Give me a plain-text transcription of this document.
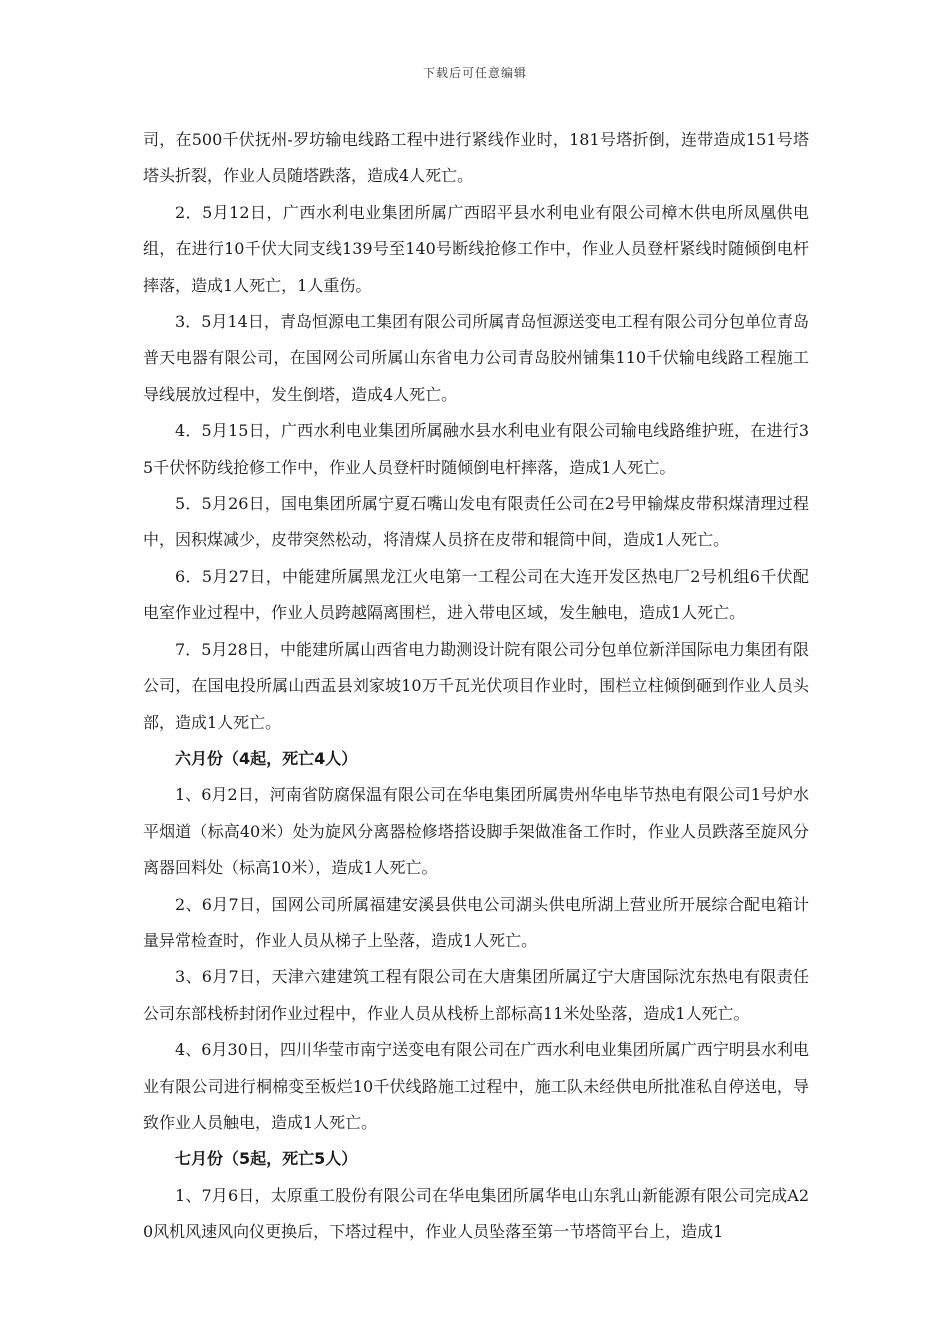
下载后可任意编辑

司，在500千伏抚州-罗坊输电线路工程中进行紧线作业时，181号塔折倒，连带造成151号塔塔头折裂，作业人员随塔跌落，造成4人死亡。

2．5月12日，广西水利电业集团所属广西昭平县水利电业有限公司樟木供电所凤凰供电组，在进行10千伏大同支线139号至140号断线抢修工作中，作业人员登杆紧线时随倾倒电杆摔落，造成1人死亡，1人重伤。

3．5月14日，青岛恒源电工集团有限公司所属青岛恒源送变电工程有限公司分包单位青岛普天电器有限公司，在国网公司所属山东省电力公司青岛胶州铺集110千伏输电线路工程施工导线展放过程中，发生倒塔，造成4人死亡。

4．5月15日，广西水利电业集团所属融水县水利电业有限公司输电线路维护班，在进行35千伏怀防线抢修工作中，作业人员登杆时随倾倒电杆摔落，造成1人死亡。

5．5月26日，国电集团所属宁夏石嘴山发电有限责任公司在2号甲输煤皮带积煤清理过程中，因积煤减少，皮带突然松动，将清煤人员挤在皮带和辊筒中间，造成1人死亡。

6．5月27日，中能建所属黑龙江火电第一工程公司在大连开发区热电厂2号机组6千伏配电室作业过程中，作业人员跨越隔离围栏，进入带电区域，发生触电，造成1人死亡。

7．5月28日，中能建所属山西省电力勘测设计院有限公司分包单位新洋国际电力集团有限公司，在国电投所属山西盂县刘家坡10万千瓦光伏项目作业时，围栏立柱倾倒砸到作业人员头部，造成1人死亡。

六月份（4起，死亡4人）

1、6月2日，河南省防腐保温有限公司在华电集团所属贵州华电毕节热电有限公司1号炉水平烟道（标高40米）处为旋风分离器检修塔搭设脚手架做准备工作时，作业人员跌落至旋风分离器回料处（标高10米），造成1人死亡。

2、6月7日，国网公司所属福建安溪县供电公司湖头供电所湖上营业所开展综合配电箱计量异常检查时，作业人员从梯子上坠落，造成1人死亡。

3、6月7日，天津六建建筑工程有限公司在大唐集团所属辽宁大唐国际沈东热电有限责任公司东部栈桥封闭作业过程中，作业人员从栈桥上部标高11米处坠落，造成1人死亡。

4、6月30日，四川华莹市南宁送变电有限公司在广西水利电业集团所属广西宁明县水利电业有限公司进行桐棉变至板烂10千伏线路施工过程中，施工队未经供电所批准私自停送电，导致作业人员触电，造成1人死亡。

七月份（5起，死亡5人）

1、7月6日，太原重工股份有限公司在华电集团所属华电山东乳山新能源有限公司完成A20风机风速风向仪更换后，下塔过程中，作业人员坠落至第一节塔筒平台上，造成1
